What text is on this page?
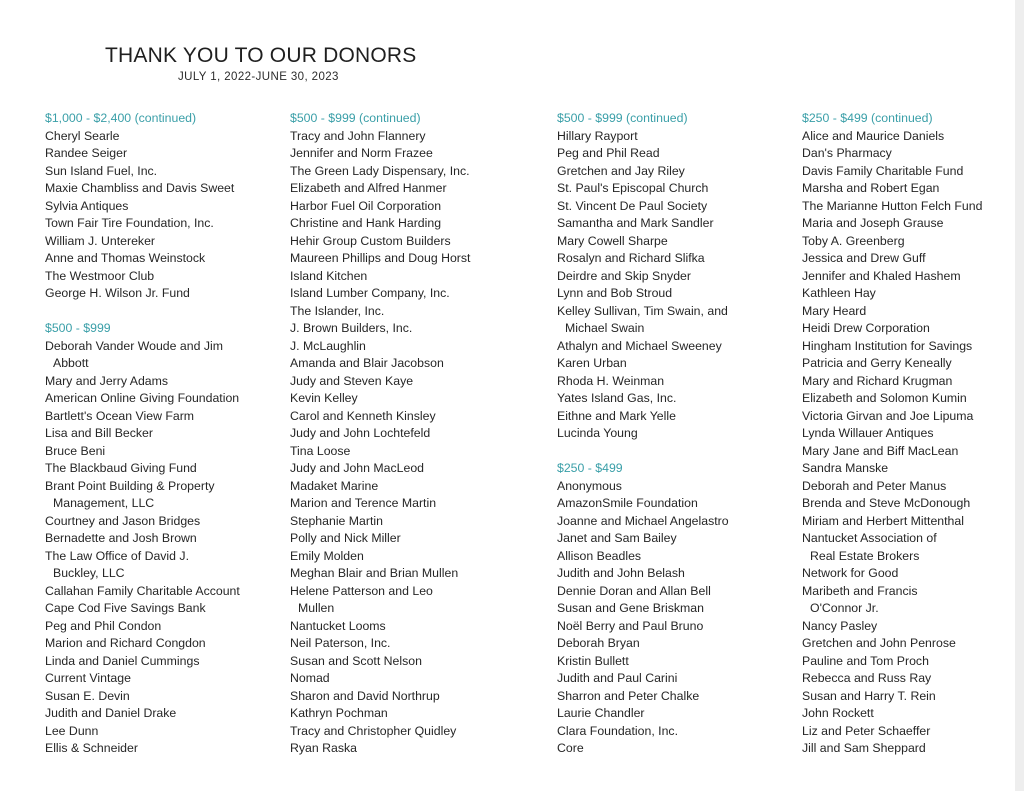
THANK YOU TO OUR DONORS
JULY 1, 2022-JUNE 30, 2023
$1,000 - $2,400 (continued)
Cheryl Searle
Randee Seiger
Sun Island Fuel, Inc.
Maxie Chambliss and Davis Sweet
Sylvia Antiques
Town Fair Tire Foundation, Inc.
William J. Untereker
Anne and Thomas Weinstock
The Westmoor Club
George H. Wilson Jr. Fund
$500 - $999
Deborah Vander Woude and Jim
Abbott
Mary and Jerry Adams
American Online Giving Foundation
Bartlett's Ocean View Farm
Lisa and Bill Becker
Bruce Beni
The Blackbaud Giving Fund
Brant Point Building & Property
Management, LLC
Courtney and Jason Bridges
Bernadette and Josh Brown
The Law Office of David J.
Buckley, LLC
Callahan Family Charitable Account
Cape Cod Five Savings Bank
Peg and Phil Condon
Marion and Richard Congdon
Linda and Daniel Cummings
Current Vintage
Susan E. Devin
Judith and Daniel Drake
Lee Dunn
Ellis & Schneider
$500 - $999 (continued)
Tracy and John Flannery
Jennifer and Norm Frazee
The Green Lady Dispensary, Inc.
Elizabeth and Alfred Hanmer
Harbor Fuel Oil Corporation
Christine and Hank Harding
Hehir Group Custom Builders
Maureen Phillips and Doug Horst
Island Kitchen
Island Lumber Company, Inc.
The Islander, Inc.
J. Brown Builders, Inc.
J. McLaughlin
Amanda and Blair Jacobson
Judy and Steven Kaye
Kevin Kelley
Carol and Kenneth Kinsley
Judy and John Lochtefeld
Tina Loose
Judy and John MacLeod
Madaket Marine
Marion and Terence Martin
Stephanie Martin
Polly and Nick Miller
Emily Molden
Meghan Blair and Brian Mullen
Helene Patterson and Leo
Mullen
Nantucket Looms
Neil Paterson, Inc.
Susan and Scott Nelson
Nomad
Sharon and David Northrup
Kathryn Pochman
Tracy and Christopher Quidley
Ryan Raska
$500 - $999 (continued)
Hillary Rayport
Peg and Phil Read
Gretchen and Jay Riley
St. Paul's Episcopal Church
St. Vincent De Paul Society
Samantha and Mark Sandler
Mary Cowell Sharpe
Rosalyn and Richard Slifka
Deirdre and Skip Snyder
Lynn and Bob Stroud
Kelley Sullivan, Tim Swain, and
Michael Swain
Athalyn and Michael Sweeney
Karen Urban
Rhoda H. Weinman
Yates Island Gas, Inc.
Eithne and Mark Yelle
Lucinda Young
$250 - $499
Anonymous
AmazonSmile Foundation
Joanne and Michael Angelastro
Janet and Sam Bailey
Allison Beadles
Judith and John Belash
Dennie Doran and Allan Bell
Susan and Gene Briskman
Noël Berry and Paul Bruno
Deborah Bryan
Kristin Bullett
Judith and Paul Carini
Sharron and Peter Chalke
Laurie Chandler
Clara Foundation, Inc.
Core
$250 - $499 (continued)
Alice and Maurice Daniels
Dan's Pharmacy
Davis Family Charitable Fund
Marsha and Robert Egan
The Marianne Hutton Felch Fund
Maria and Joseph Grause
Toby A. Greenberg
Jessica and Drew Guff
Jennifer and Khaled Hashem
Kathleen Hay
Mary Heard
Heidi Drew Corporation
Hingham Institution for Savings
Patricia and Gerry Keneally
Mary and Richard Krugman
Elizabeth and Solomon Kumin
Victoria Girvan and Joe Lipuma
Lynda Willauer Antiques
Mary Jane and Biff MacLean
Sandra Manske
Deborah and Peter Manus
Brenda and Steve McDonough
Miriam and Herbert Mittenthal
Nantucket Association of
Real Estate Brokers
Network for Good
Maribeth and Francis
O'Connor Jr.
Nancy Pasley
Gretchen and John Penrose
Pauline and Tom Proch
Rebecca and Russ Ray
Susan and Harry T. Rein
John Rockett
Liz and Peter Schaeffer
Jill and Sam Sheppard
